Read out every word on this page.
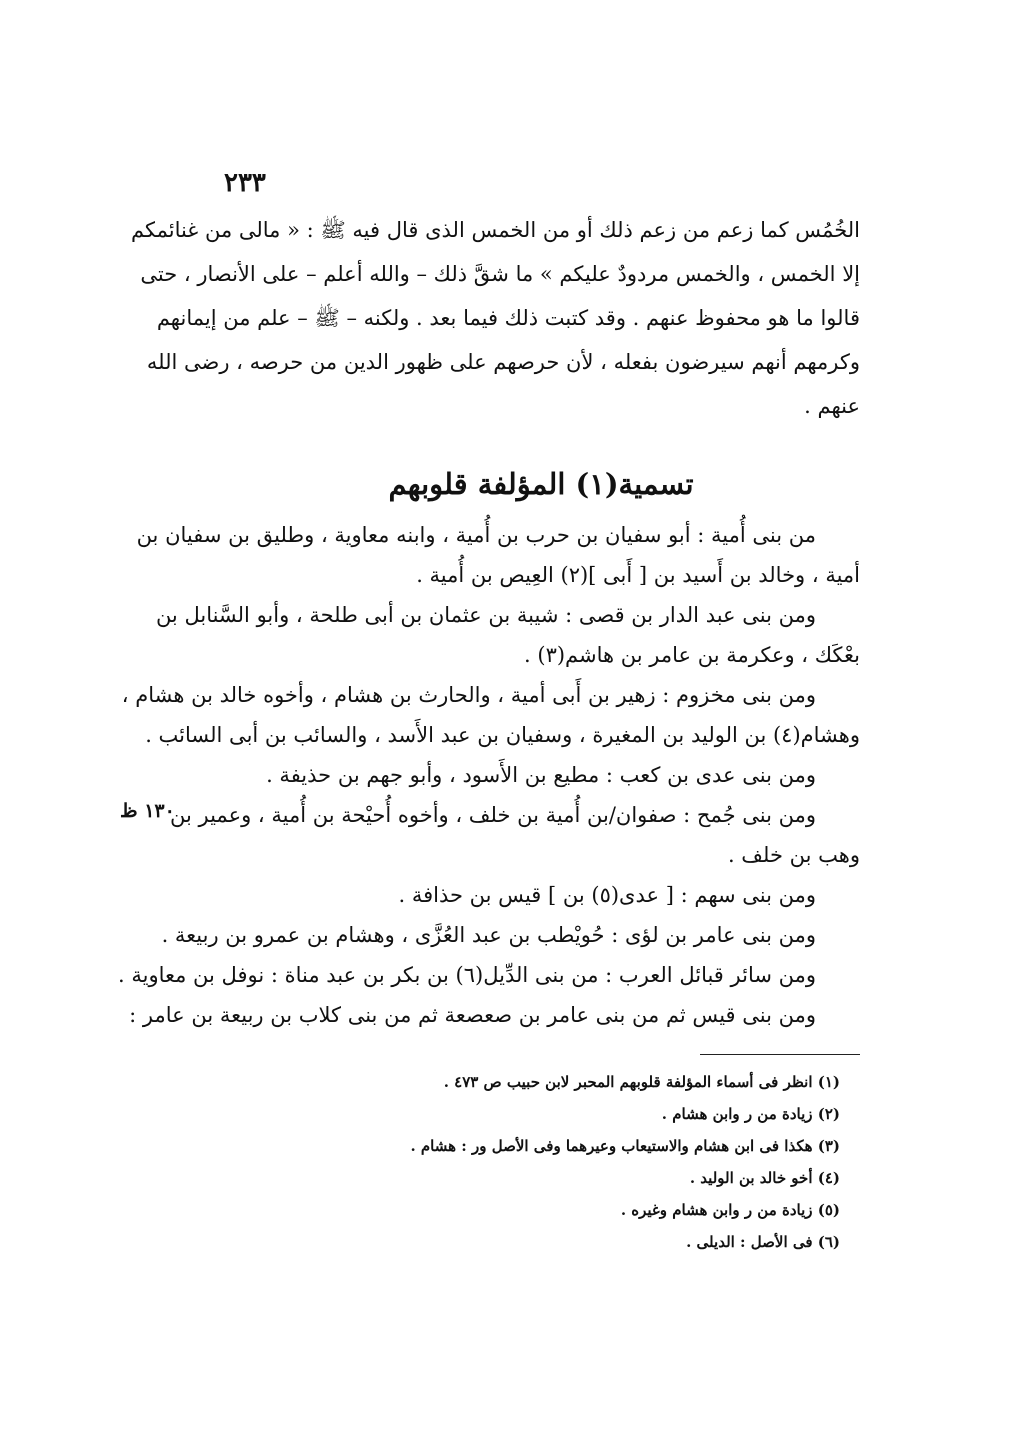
٢٣٣
الخُمُس كما زعم من زعم ذلك أو من الخمس الذى قال فيه ﷺ : « مالى من غنائمكم
إلا الخمس ، والخمس مردودٌ عليكم » ما شقَّ ذلك – والله أعلم – على الأنصار ، حتى
قالوا ما هو محفوظ عنهم . وقد كتبت ذلك فيما بعد . ولكنه – ﷺ – علم من إيمانهم
وكرمهم أنهم سيرضون بفعله ، لأن حرصهم على ظهور الدين من حرصه ، رضى الله
عنهم .
تسمية(١) المؤلفة قلوبهم
من بنى أُمية : أبو سفيان بن حرب بن أُمية ، وابنه معاوية ، وطليق بن سفيان بن
أمية ، وخالد بن أَسيد بن [ أَبى ](٢) العِيص بن أُمية .
ومن بنى عبد الدار بن قصى : شيبة بن عثمان بن أبى طلحة ، وأبو السَّنابل بن
بعْكَك ، وعكرمة بن عامر بن هاشم(٣) .
ومن بنى مخزوم : زهير بن أَبى أمية ، والحارث بن هشام ، وأخوه خالد بن هشام ،
وهشام(٤) بن الوليد بن المغيرة ، وسفيان بن عبد الأَسد ، والسائب بن أبى السائب .
ومن بنى عدى بن كعب : مطيع بن الأَسود ، وأبو جهم بن حذيفة .
ومن بنى جُمح : صفوان/بن أُمية بن خلف ، وأخوه أُحيْحة بن أُمية ، وعمير بن
وهب بن خلف .
ومن بنى سهم : [ عدى(٥) بن ] قيس بن حذافة .
ومن بنى عامر بن لؤى : حُويْطب بن عبد العُزَّى ، وهشام بن عمرو بن ربيعة .
ومن سائر قبائل العرب : من بنى الدِّيل(٦) بن بكر بن عبد مناة : نوفل بن معاوية .
ومن بنى قيس ثم من بنى عامر بن صعصعة ثم من بنى كلاب بن ربيعة بن عامر :
١٣٠ ظ
(١) انظر فى أسماء المؤلفة قلوبهم المحبر لابن حبيب ص ٤٧٣ .
(٢) زيادة من ر وابن هشام .
(٣) هكذا فى ابن هشام والاستيعاب وعيرهما وفى الأصل ور : هشام .
(٤) أخو خالد بن الوليد .
(٥) زيادة من ر وابن هشام وغيره .
(٦) فى الأصل : الديلى .
